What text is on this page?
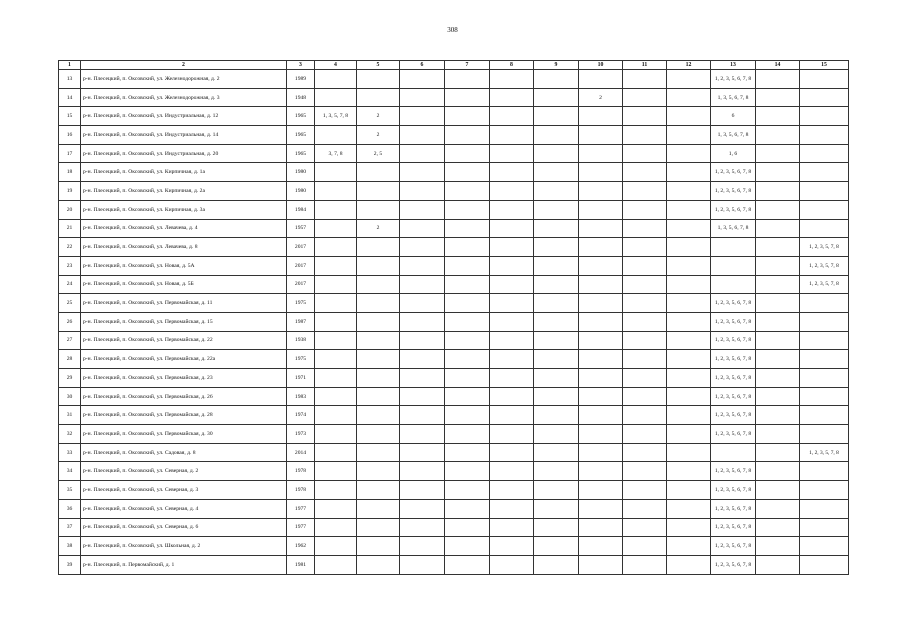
308
1	2	3	4	5	6	7	8	9	10	11	12	13	14	15
13	р-н. Плесецкий, п. Оксовский, ул. Железнодорожная, д. 2	1989										1, 2, 3, 5, 6, 7, 8		
14	р-н. Плесецкий, п. Оксовский, ул. Железнодорожная, д. 3	1948							2			1, 3, 5, 6, 7, 8		
15	р-н. Плесецкий, п. Оксовский, ул. Индустриальная, д. 12	1965	1, 3, 5, 7, 8	2								6		
16	р-н. Плесецкий, п. Оксовский, ул. Индустриальная, д. 14	1965		2								1, 3, 5, 6, 7, 8		
17	р-н. Плесецкий, п. Оксовский, ул. Индустриальная, д. 20	1965	3, 7, 8	2, 5								1, 6		
18	р-н. Плесецкий, п. Оксовский, ул. Кирпичная, д. 1а	1980										1, 2, 3, 5, 6, 7, 8		
19	р-н. Плесецкий, п. Оксовский, ул. Кирпичная, д. 2а	1980										1, 2, 3, 5, 6, 7, 8		
20	р-н. Плесецкий, п. Оксовский, ул. Кирпичная, д. 3а	1984										1, 2, 3, 5, 6, 7, 8		
21	р-н. Плесецкий, п. Оксовский, ул. Левачева, д. 4	1957		2								1, 3, 5, 6, 7, 8		
22	р-н. Плесецкий, п. Оксовский, ул. Левачева, д. 8	2017												1, 2, 3, 5, 7, 8
23	р-н. Плесецкий, п. Оксовский, ул. Новая, д. 5А	2017												1, 2, 3, 5, 7, 8
24	р-н. Плесецкий, п. Оксовский, ул. Новая, д. 5Б	2017												1, 2, 3, 5, 7, 8
25	р-н. Плесецкий, п. Оксовский, ул. Первомайская, д. 11	1975										1, 2, 3, 5, 6, 7, 8		
26	р-н. Плесецкий, п. Оксовский, ул. Первомайская, д. 15	1987										1, 2, 3, 5, 6, 7, 8		
27	р-н. Плесецкий, п. Оксовский, ул. Первомайская, д. 22	1938										1, 2, 3, 5, 6, 7, 8		
28	р-н. Плесецкий, п. Оксовский, ул. Первомайская, д. 22а	1975										1, 2, 3, 5, 6, 7, 8		
29	р-н. Плесецкий, п. Оксовский, ул. Первомайская, д. 23	1971										1, 2, 3, 5, 6, 7, 8		
30	р-н. Плесецкий, п. Оксовский, ул. Первомайская, д. 26	1983										1, 2, 3, 5, 6, 7, 8		
31	р-н. Плесецкий, п. Оксовский, ул. Первомайская, д. 28	1974										1, 2, 3, 5, 6, 7, 8		
32	р-н. Плесецкий, п. Оксовский, ул. Первомайская, д. 30	1973										1, 2, 3, 5, 6, 7, 8		
33	р-н. Плесецкий, п. Оксовский, ул. Садовая, д. 8	2014												1, 2, 3, 5, 7, 8
34	р-н. Плесецкий, п. Оксовский, ул. Северная, д. 2	1978										1, 2, 3, 5, 6, 7, 8		
35	р-н. Плесецкий, п. Оксовский, ул. Северная, д. 3	1978										1, 2, 3, 5, 6, 7, 8		
36	р-н. Плесецкий, п. Оксовский, ул. Северная, д. 4	1977										1, 2, 3, 5, 6, 7, 8		
37	р-н. Плесецкий, п. Оксовский, ул. Северная, д. 6	1977										1, 2, 3, 5, 6, 7, 8		
38	р-н. Плесецкий, п. Оксовский, ул. Школьная, д. 2	1962										1, 2, 3, 5, 6, 7, 8		
39	р-н. Плесецкий, п. Первомайский, д. 1	1981										1, 2, 3, 5, 6, 7, 8		
